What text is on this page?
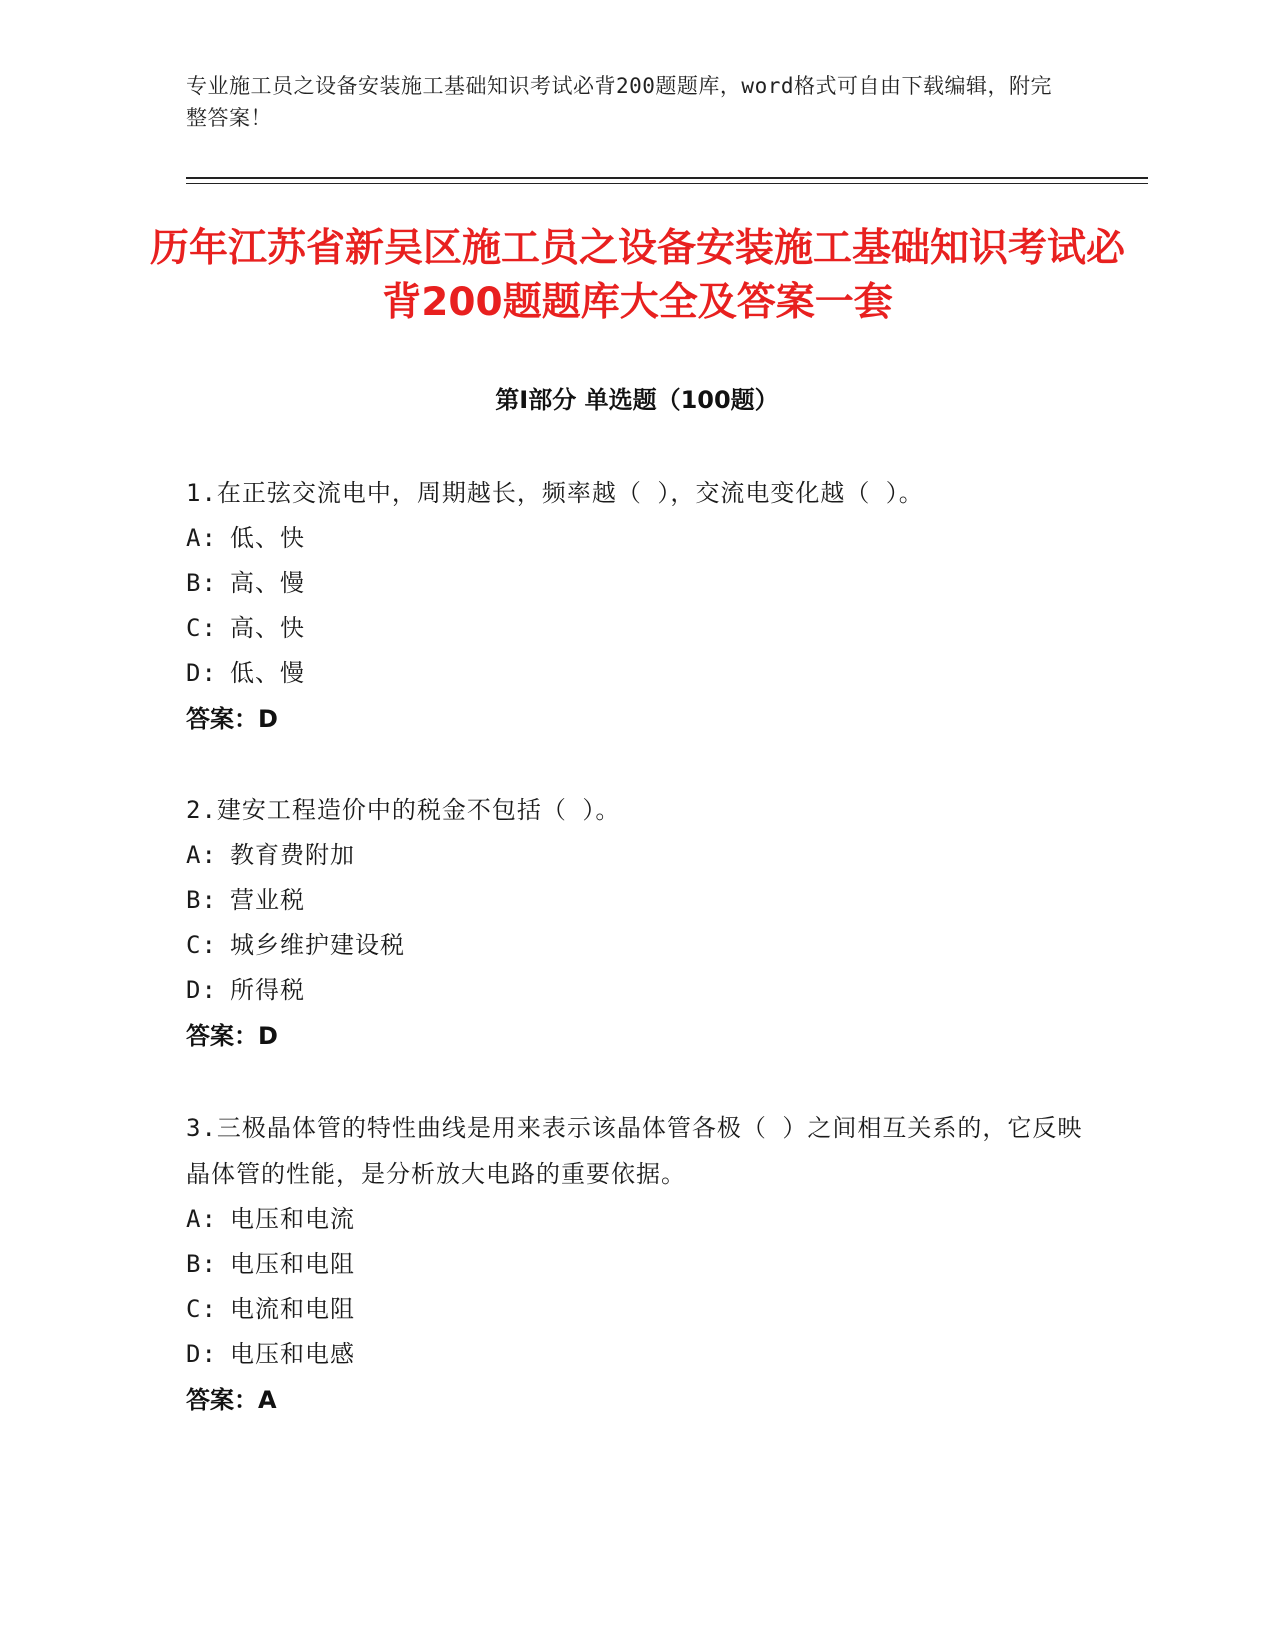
专业施工员之设备安装施工基础知识考试必背200题题库，word格式可自由下载编辑，附完整答案！
历年江苏省新吴区施工员之设备安装施工基础知识考试必背200题题库大全及答案一套
第I部分 单选题（100题）
1.在正弦交流电中，周期越长，频率越（ ），交流电变化越（ ）。
A: 低、快
B: 高、慢
C: 高、快
D: 低、慢
答案：D
2.建安工程造价中的税金不包括（ ）。
A: 教育费附加
B: 营业税
C: 城乡维护建设税
D: 所得税
答案：D
3.三极晶体管的特性曲线是用来表示该晶体管各极（ ）之间相互关系的，它反映晶体管的性能，是分析放大电路的重要依据。
A: 电压和电流
B: 电压和电阻
C: 电流和电阻
D: 电压和电感
答案：A
